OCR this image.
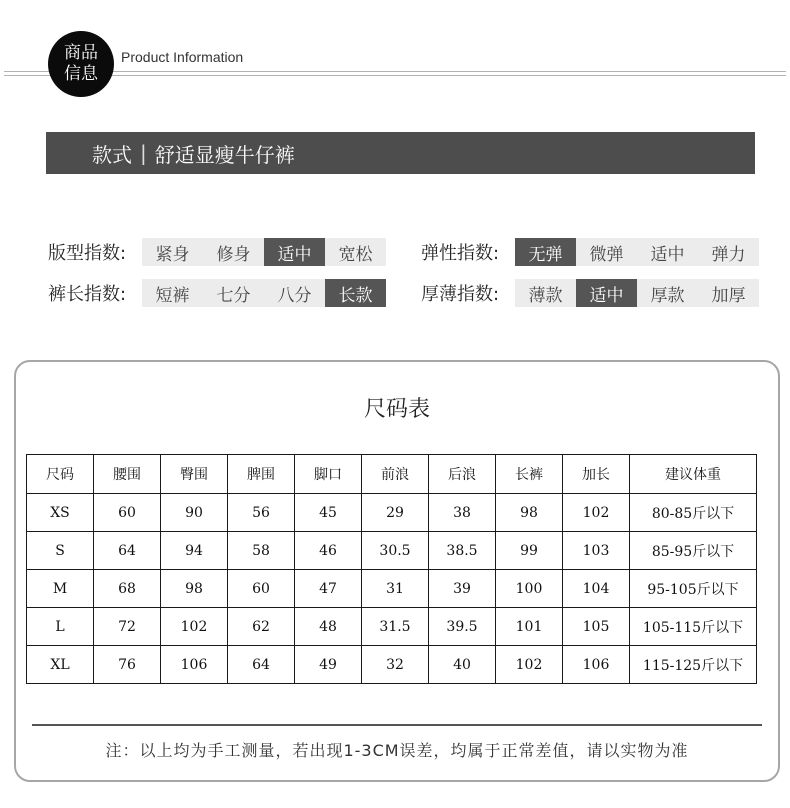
商品
信息
Product Information
款式 | 舒适显瘦牛仔裤
版型指数:	紧身	修身	适中	宽松
裤长指数:	短裤	七分	八分	长款
弹性指数:	无弹	微弹	适中	弹力
厚薄指数:	薄款	适中	厚款	加厚
尺码表
尺码	腰围	臀围	脾围	脚口	前浪	后浪	长裤	加长	建议体重
XS	60	90	56	45	29	38	98	102	80-85斤以下
S	64	94	58	46	30.5	38.5	99	103	85-95斤以下
M	68	98	60	47	31	39	100	104	95-105斤以下
L	72	102	62	48	31.5	39.5	101	105	105-115斤以下
XL	76	106	64	49	32	40	102	106	115-125斤以下
注：以上均为手工测量，若出现1-3CM误差，均属于正常差值，请以实物为准
